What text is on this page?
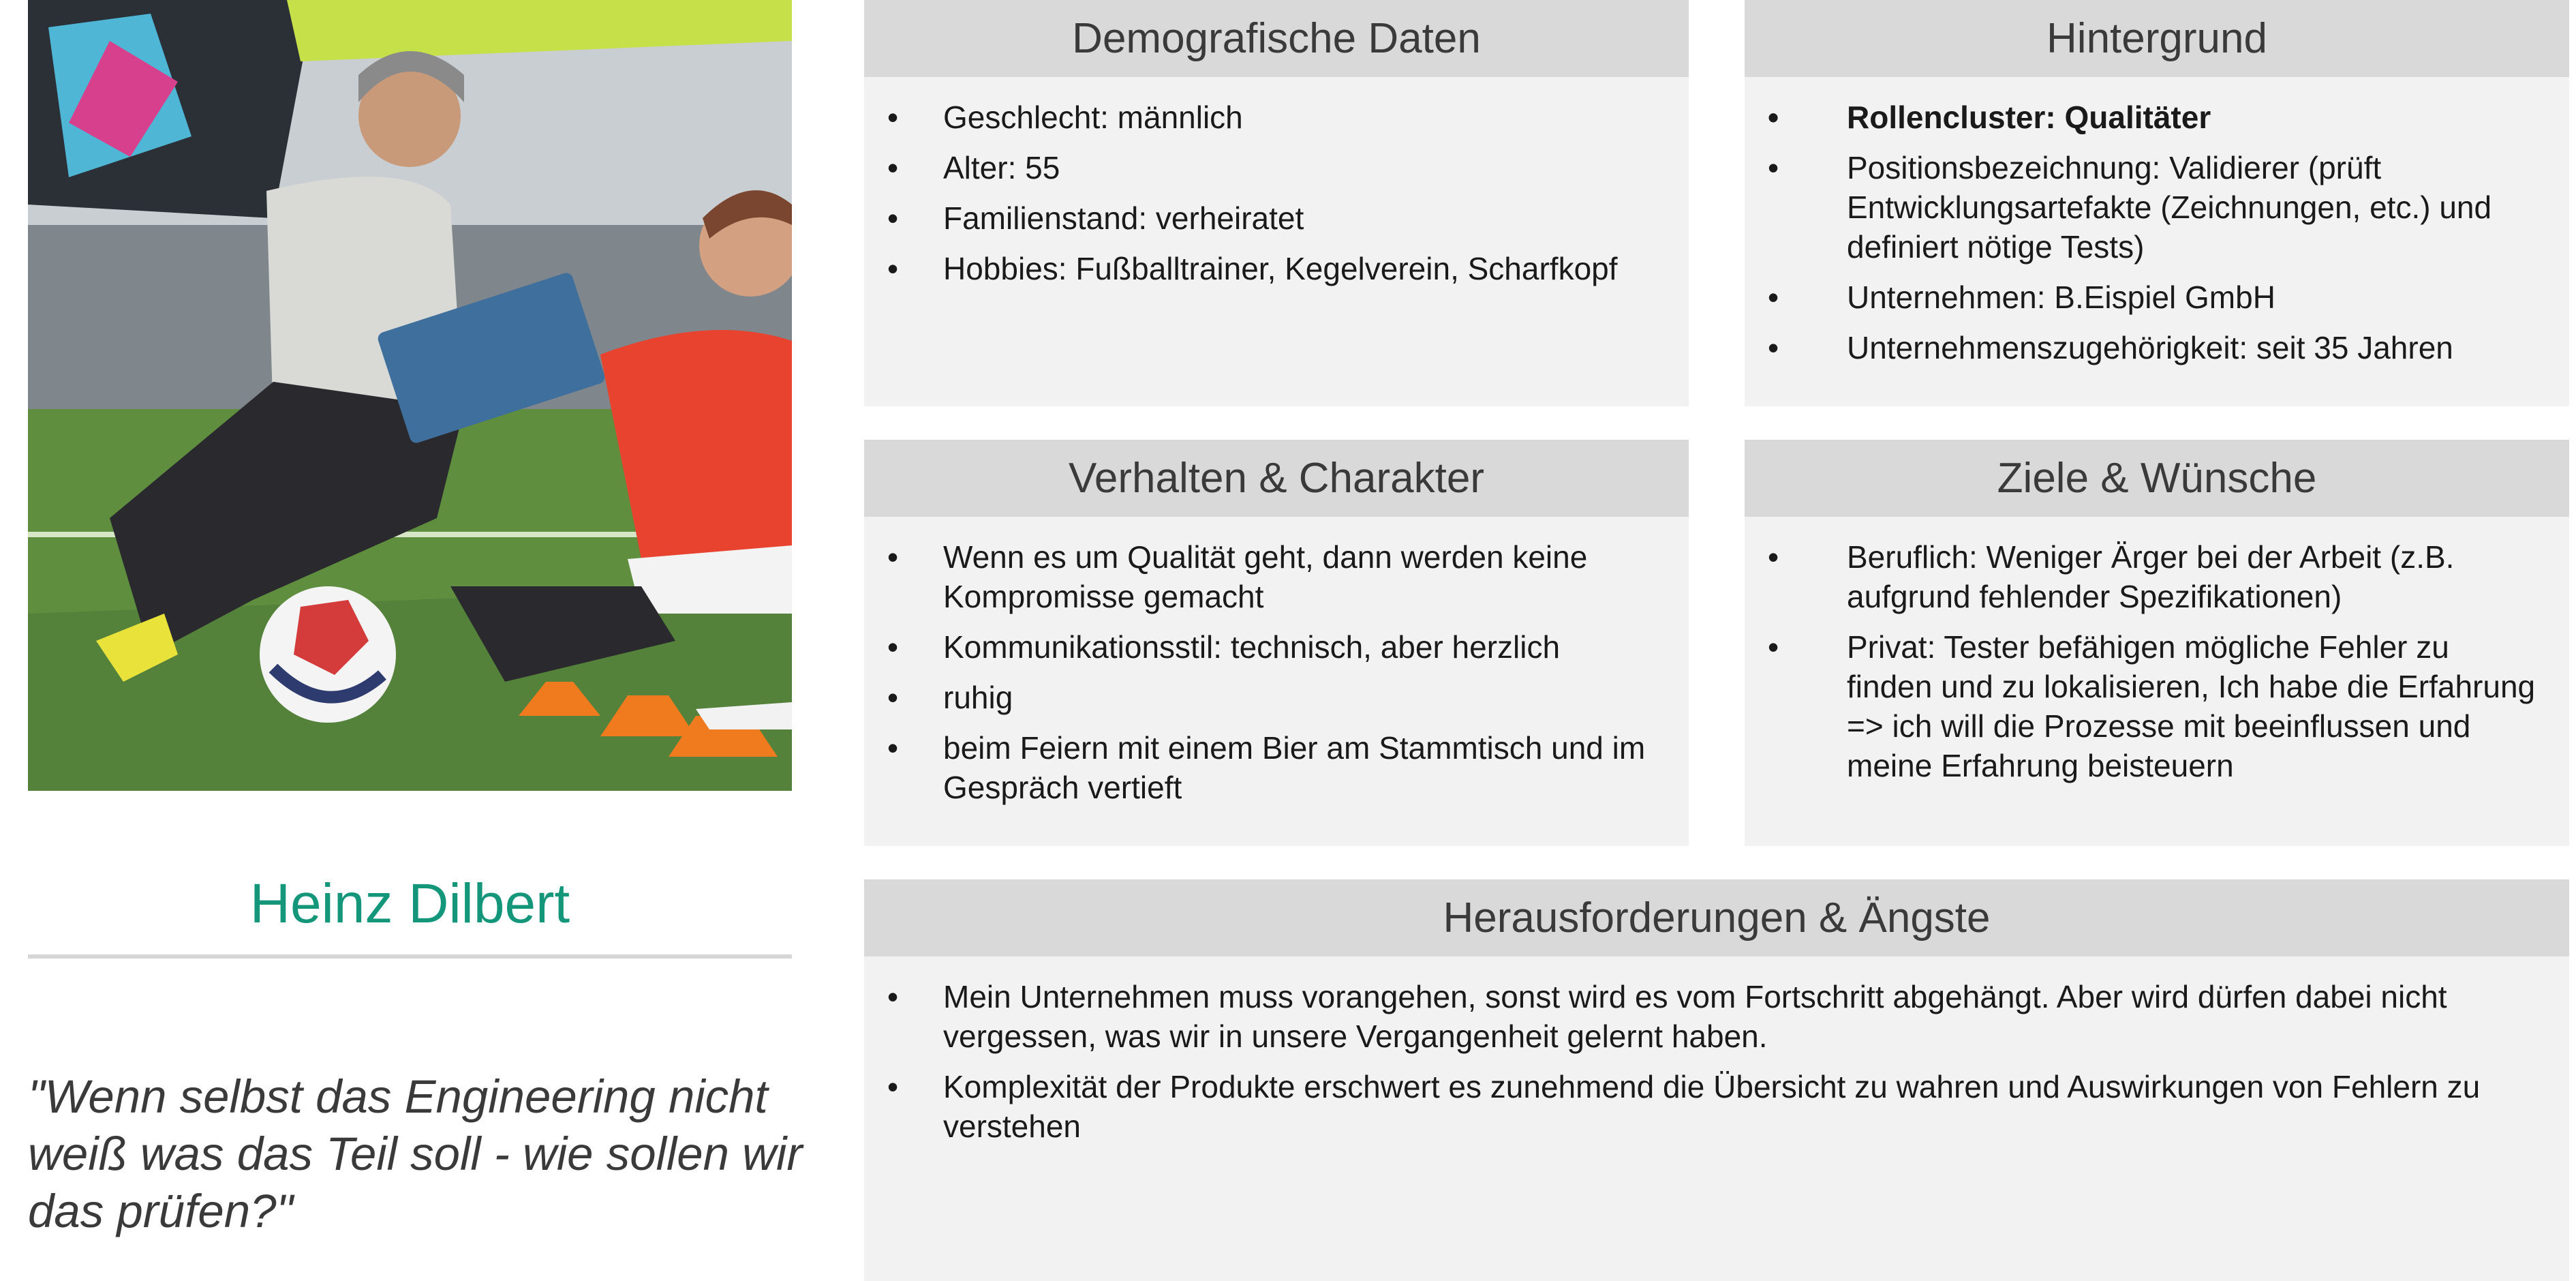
Heinz Dilbert
"Wenn selbst das Engineering nicht weiß was das Teil soll - wie sollen wir das prüfen?"
Demografische Daten
• Geschlecht: männlich
• Alter: 55
• Familienstand: verheiratet
• Hobbies: Fußballtrainer, Kegelverein, Scharfkopf
Hintergrund
• Rollencluster: Qualitäter
• Positionsbezeichnung: Validierer (prüft Entwicklungsartefakte (Zeichnungen, etc.) und definiert nötige Tests)
• Unternehmen: B.Eispiel GmbH
• Unternehmenszugehörigkeit: seit 35 Jahren
Verhalten & Charakter
• Wenn es um Qualität geht, dann werden keine Kompromisse gemacht
• Kommunikationsstil: technisch, aber herzlich
• ruhig
• beim Feiern mit einem Bier am Stammtisch und im Gespräch vertieft
Ziele & Wünsche
• Beruflich: Weniger Ärger bei der Arbeit (z.B. aufgrund fehlender Spezifikationen)
• Privat: Tester befähigen mögliche Fehler zu finden und zu lokalisieren, Ich habe die Erfahrung => ich will die Prozesse mit beeinflussen und meine Erfahrung beisteuern
Herausforderungen & Ängste
• Mein Unternehmen muss vorangehen, sonst wird es vom Fortschritt abgehängt. Aber wird dürfen dabei nicht vergessen, was wir in unsere Vergangenheit gelernt haben.
• Komplexität der Produkte erschwert es zunehmend die Übersicht zu wahren und Auswirkungen von Fehlern zu verstehen
